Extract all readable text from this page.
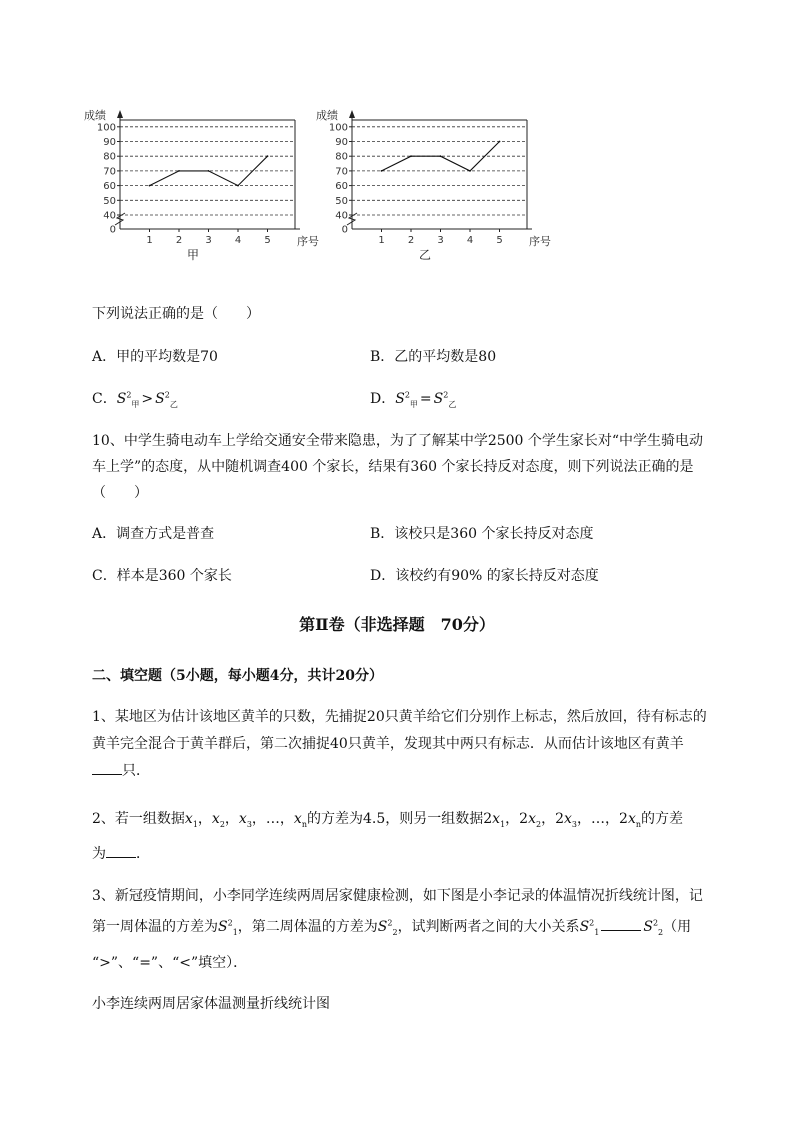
0
40
50
60
70
80
90
100
1 2 3 4 5
成绩
序号
甲
0
40
50
60
70
80
90
100
1 2 3 4 5
成绩
序号
乙
下列说法正确的是（　　）
A．甲的平均数是70	B．乙的平均数是80
C．$S^2_甲 > S^2_乙$	D．$S^2_甲 = S^2_乙$
10、中学生骑电动车上学给交通安全带来隐患，为了了解某中学2500 个学生家长对“中学生骑电动
车上学”的态度，从中随机调查400 个家长，结果有360 个家长持反对态度，则下列说法正确的是
（　　）
A．调查方式是普查	B．该校只是360 个家长持反对态度
C．样本是360 个家长	D．该校约有90% 的家长持反对态度
第Ⅱ卷（非选择题　70分）
二、填空题（5小题，每小题4分，共计20分）
1、某地区为估计该地区黄羊的只数，先捕捉20只黄羊给它们分别作上标志，然后放回，待有标志的
黄羊完全混合于黄羊群后，第二次捕捉40只黄羊，发现其中两只有标志．从而估计该地区有黄羊
只．
2、若一组数据$x_1$，$x_2$，$x_3$，…，$x_n$的方差为4.5，则另一组数据$2x_1$，$2x_2$，$2x_3$，…，$2x_n$的方差
为 ．
3、新冠疫情期间，小李同学连续两周居家健康检测，如下图是小李记录的体温情况折线统计图，记
第一周体温的方差为$S^2_1$，第二周体温的方差为$S^2_2$，试判断两者之间的大小关系$S^2_1$	$S^2_2$（用
“>”、“=”、“<”填空）．
小李连续两周居家体温测量折线统计图
